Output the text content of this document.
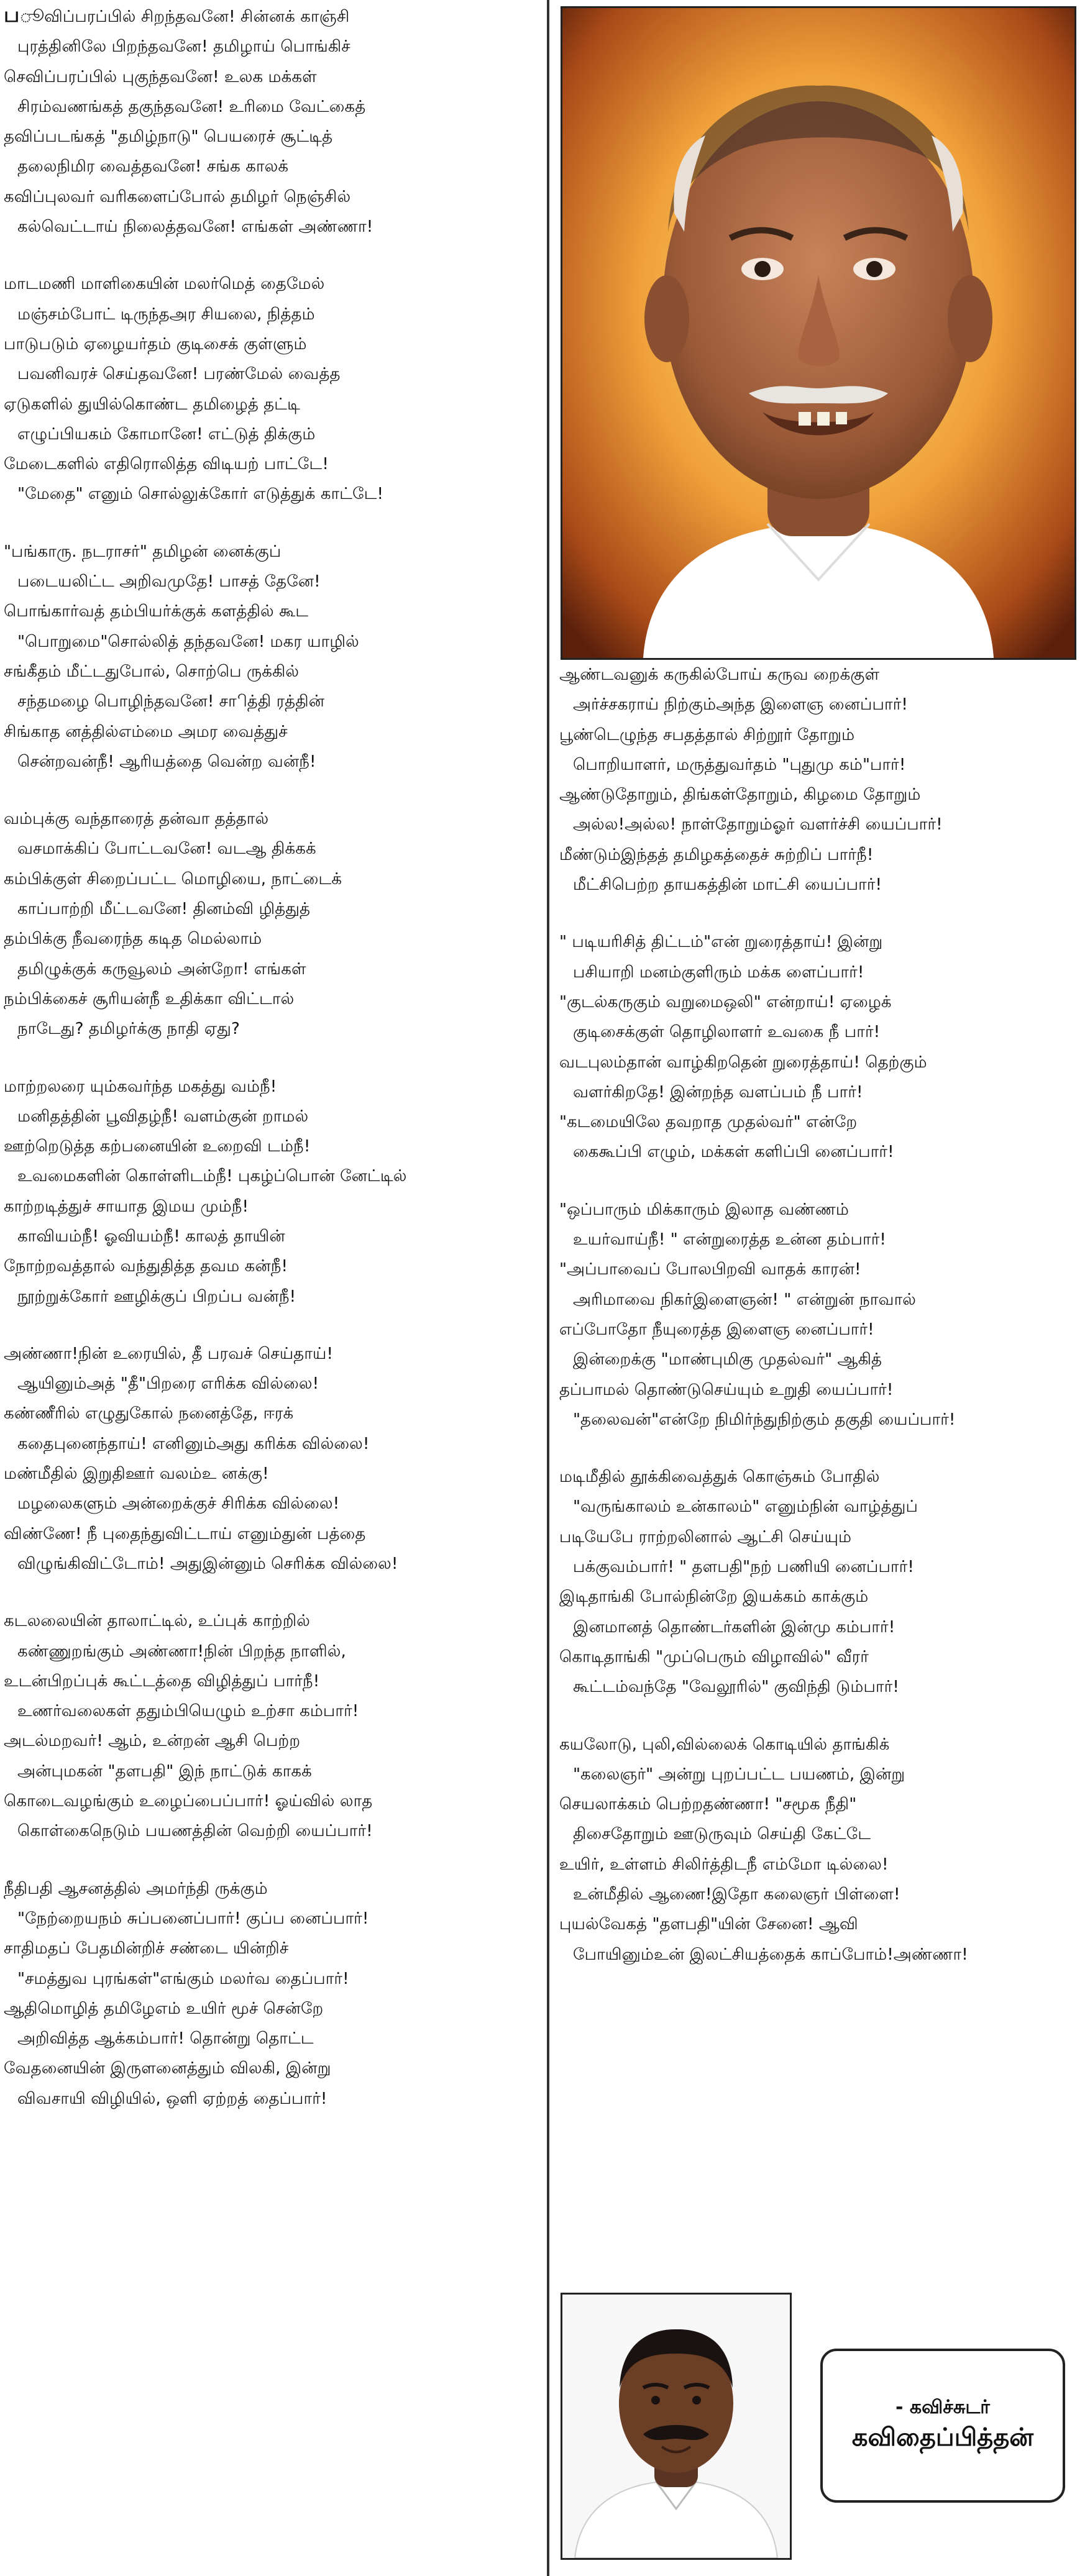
பூவிப்பரப்பில் சிறந்தவனே! சின்னக் காஞ்சி
புரத்தினிலே பிறந்தவனே! தமிழாய் பொங்கிச்
செவிப்பரப்பில் புகுந்தவனே! உலக மக்கள்
சிரம்வணங்கத் தகுந்தவனே! உரிமை வேட்கைத்
தவிப்படங்கத் "தமிழ்நாடு" பெயரைச் சூட்டித்
தலைநிமிர வைத்தவனே! சங்க காலக்
கவிப்புலவர் வரிகளைப்போல் தமிழர் நெஞ்சில்
கல்வெட்டாய் நிலைத்தவனே! எங்கள் அண்ணா!
மாடமணி மாளிகையின் மலர்மெத் தைமேல்
மஞ்சம்போட் டிருந்தஅர சியலை, நித்தம்
பாடுபடும் ஏழையர்தம் குடிசைக் குள்ளும்
பவனிவரச் செய்தவனே! பரண்மேல் வைத்த
ஏடுகளில் துயில்கொண்ட தமிழைத் தட்டி
எழுப்பியகம் கோமானே! எட்டுத் திக்கும்
மேடைகளில் எதிரொலித்த விடியற் பாட்டே!
"மேதை" எனும் சொல்லுக்கோர் எடுத்துக் காட்டே!
"பங்காரு. நடராசர்" தமிழன் னைக்குப்
படையலிட்ட அறிவமுதே! பாசத் தேனே!
பொங்கார்வத் தம்பியர்க்குக் களத்தில் கூட
"பொறுமை"சொல்லித் தந்தவனே! மகர யாழில்
சங்கீதம் மீட்டதுபோல், சொற்பெ ருக்கில்
சந்தமழை பொழிந்தவனே! சாித்தி ரத்தின்
சிங்காத னத்தில்எம்மை அமர வைத்துச்
சென்றவன்நீ! ஆரியத்தை வென்ற வன்நீ!
வம்புக்கு வந்தாரைத் தன்வா தத்தால்
வசமாக்கிப் போட்டவனே! வடஆ திக்கக்
கம்பிக்குள் சிறைப்பட்ட மொழியை, நாட்டைக்
காப்பாற்றி மீட்டவனே! தினம்வி ழித்துத்
தம்பிக்கு நீவரைந்த கடித மெல்லாம்
தமிழுக்குக் கருவூலம் அன்றோ! எங்கள்
நம்பிக்கைச் சூரியன்நீ உதிக்கா விட்டால்
நாடேது? தமிழர்க்கு நாதி ஏது?
மாற்றலரை யும்கவர்ந்த மகத்து வம்நீ!
மனிதத்தின் பூவிதழ்நீ! வளம்குன் றாமல்
ஊற்றெடுத்த கற்பனையின் உறைவி டம்நீ!
உவமைகளின் கொள்ளிடம்நீ! புகழ்ப்பொன் னேட்டில்
காற்றடித்துச் சாயாத இமய மும்நீ!
காவியம்நீ! ஓவியம்நீ! காலத் தாயின்
நோற்றவத்தால் வந்துதித்த தவம கன்நீ!
நூற்றுக்கோர் ஊழிக்குப் பிறப்ப வன்நீ!
அண்ணா!நின் உரையில், தீ பரவச் செய்தாய்!
ஆயினும்அத் "தீ"பிறரை எரிக்க வில்லை!
கண்ணீரில் எழுதுகோல் நனைத்தே, ஈரக்
கதைபுனைந்தாய்! எனினும்அது கரிக்க வில்லை!
மண்மீதில் இறுதிஊர் வலம்உ னக்கு!
மழலைகளும் அன்றைக்குச் சிரிக்க வில்லை!
விண்ணே! நீ புதைந்துவிட்டாய் எனும்துன் பத்தை
விழுங்கிவிட்டோம்! அதுஇன்னும் செரிக்க வில்லை!
கடலலையின் தாலாட்டில், உப்புக் காற்றில்
கண்ணுறங்கும் அண்ணா!நின் பிறந்த நாளில்,
உடன்பிறப்புக் கூட்டத்தை விழித்துப் பார்நீ!
உணர்வலைகள் ததும்பியெழும் உற்சா கம்பார்!
அடல்மறவர்! ஆம், உன்றன் ஆசி பெற்ற
அன்புமகன் "தளபதி" இந் நாட்டுக் காகக்
கொடைவழங்கும் உழைப்பைப்பார்! ஓய்வில் லாத
கொள்கைநெடும் பயணத்தின் வெற்றி யைப்பார்!
நீதிபதி ஆசனத்தில் அமர்ந்தி ருக்கும்
"நேற்றையநம் சுப்பனைப்பார்! குப்ப னைப்பார்!
சாதிமதப் பேதமின்றிச் சண்டை யின்றிச்
"சமத்துவ புரங்கள்"எங்கும் மலர்வ தைப்பார்!
ஆதிமொழித் தமிழேஎம் உயிர் மூச் சென்றே
அறிவித்த ஆக்கம்பார்! தொன்று தொட்ட
வேதனையின் இருளனைத்தும் விலகி, இன்று
விவசாயி விழியில், ஒளி ஏற்றத் தைப்பார்!
ஆண்டவனுக் கருகில்போய் கருவ றைக்குள்
அர்ச்சகராய் நிற்கும்அந்த இளைஞ னைப்பார்!
பூண்டெழுந்த சபதத்தால் சிற்றூர் தோறும்
பொறியாளர், மருத்துவர்தம் "புதுமு கம்"பார்!
ஆண்டுதோறும், திங்கள்தோறும், கிழமை தோறும்
அல்ல!அல்ல! நாள்தோறும்ஓர் வளர்ச்சி யைப்பார்!
மீண்டும்இந்தத் தமிழகத்தைச் சுற்றிப் பார்நீ!
மீட்சிபெற்ற தாயகத்தின் மாட்சி யைப்பார்!
" படியரிசித் திட்டம்"என் றுரைத்தாய்! இன்று
பசியாறி மனம்குளிரும் மக்க ளைப்பார்!
"குடல்கருகும் வறுமைஒலி" என்றாய்! ஏழைக்
குடிசைக்குள் தொழிலாளர் உவகை நீ பார்!
வடபுலம்தான் வாழ்கிறதென் றுரைத்தாய்! தெற்கும்
வளர்கிறதே! இன்றந்த வளப்பம் நீ பார்!
"கடமையிலே தவறாத முதல்வர்" என்றே
கைகூப்பி எழும், மக்கள் களிப்பி னைப்பார்!
"ஒப்பாரும் மிக்காரும் இலாத வண்ணம்
உயர்வாய்நீ! " என்றுரைத்த உன்ன தம்பார்!
"அப்பாவைப் போலபிறவி வாதக் காரன்!
அரிமாவை நிகர்இளைஞன்! " என்றுன் நாவால்
எப்போதோ நீயுரைத்த இளைஞ னைப்பார்!
இன்றைக்கு "மாண்புமிகு முதல்வர்" ஆகித்
தப்பாமல் தொண்டுசெய்யும் உறுதி யைப்பார்!
"தலைவன்"என்றே நிமிர்ந்துநிற்கும் தகுதி யைப்பார்!
மடிமீதில் தூக்கிவைத்துக் கொஞ்சும் போதில்
"வருங்காலம் உன்காலம்" எனும்நின் வாழ்த்துப்
படியேபே ராற்றலினால் ஆட்சி செய்யும்
பக்குவம்பார்! " தளபதி"நற் பணியி னைப்பார்!
இடிதாங்கி போல்நின்றே இயக்கம் காக்கும்
இனமானத் தொண்டர்களின் இன்மு கம்பார்!
கொடிதாங்கி "முப்பெரும் விழாவில்" வீரர்
கூட்டம்வந்தே "வேலூரில்" குவிந்தி டும்பார்!
கயலோடு, புலி,வில்லைக் கொடியில் தாங்கிக்
"கலைஞர்" அன்று புறப்பட்ட பயணம், இன்று
செயலாக்கம் பெற்றதண்ணா! "சமூக நீதி"
திசைதோறும் ஊடுருவும் செய்தி கேட்டே
உயிர், உள்ளம் சிலிர்த்திடநீ எம்மோ டில்லை!
உன்மீதில் ஆணை!இதோ கலைஞர் பிள்ளை!
புயல்வேகத் "தளபதி"யின் சேனை! ஆவி
போயினும்உன் இலட்சியத்தைக் காப்போம்!அண்ணா!
- கவிச்சுடர்
கவிதைப்பித்தன்
